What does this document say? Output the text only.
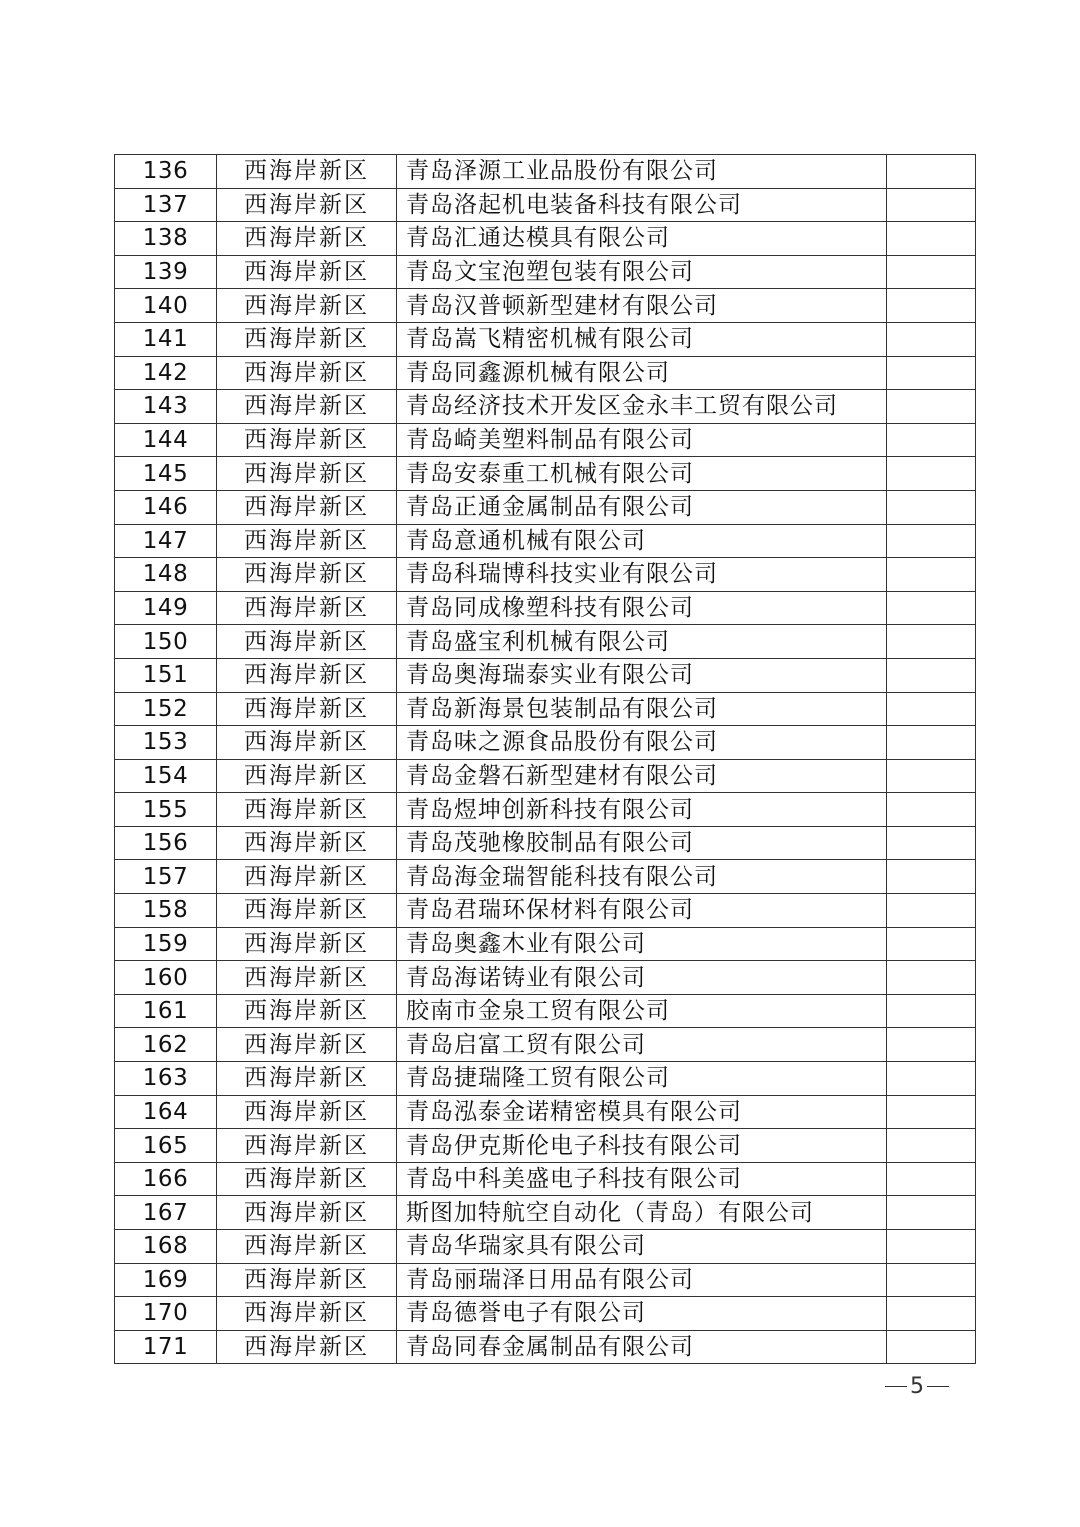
136	西海岸新区	青岛泽源工业品股份有限公司	
137	西海岸新区	青岛洛起机电装备科技有限公司	
138	西海岸新区	青岛汇通达模具有限公司	
139	西海岸新区	青岛文宝泡塑包装有限公司	
140	西海岸新区	青岛汉普顿新型建材有限公司	
141	西海岸新区	青岛嵩飞精密机械有限公司	
142	西海岸新区	青岛同鑫源机械有限公司	
143	西海岸新区	青岛经济技术开发区金永丰工贸有限公司	
144	西海岸新区	青岛崎美塑料制品有限公司	
145	西海岸新区	青岛安泰重工机械有限公司	
146	西海岸新区	青岛正通金属制品有限公司	
147	西海岸新区	青岛意通机械有限公司	
148	西海岸新区	青岛科瑞博科技实业有限公司	
149	西海岸新区	青岛同成橡塑科技有限公司	
150	西海岸新区	青岛盛宝利机械有限公司	
151	西海岸新区	青岛奥海瑞泰实业有限公司	
152	西海岸新区	青岛新海景包装制品有限公司	
153	西海岸新区	青岛味之源食品股份有限公司	
154	西海岸新区	青岛金磐石新型建材有限公司	
155	西海岸新区	青岛煜坤创新科技有限公司	
156	西海岸新区	青岛茂驰橡胶制品有限公司	
157	西海岸新区	青岛海金瑞智能科技有限公司	
158	西海岸新区	青岛君瑞环保材料有限公司	
159	西海岸新区	青岛奥鑫木业有限公司	
160	西海岸新区	青岛海诺铸业有限公司	
161	西海岸新区	胶南市金泉工贸有限公司	
162	西海岸新区	青岛启富工贸有限公司	
163	西海岸新区	青岛捷瑞隆工贸有限公司	
164	西海岸新区	青岛泓泰金诺精密模具有限公司	
165	西海岸新区	青岛伊克斯伦电子科技有限公司	
166	西海岸新区	青岛中科美盛电子科技有限公司	
167	西海岸新区	斯图加特航空自动化（青岛）有限公司	
168	西海岸新区	青岛华瑞家具有限公司	
169	西海岸新区	青岛丽瑞泽日用品有限公司	
170	西海岸新区	青岛德誉电子有限公司	
171	西海岸新区	青岛同春金属制品有限公司	
5
